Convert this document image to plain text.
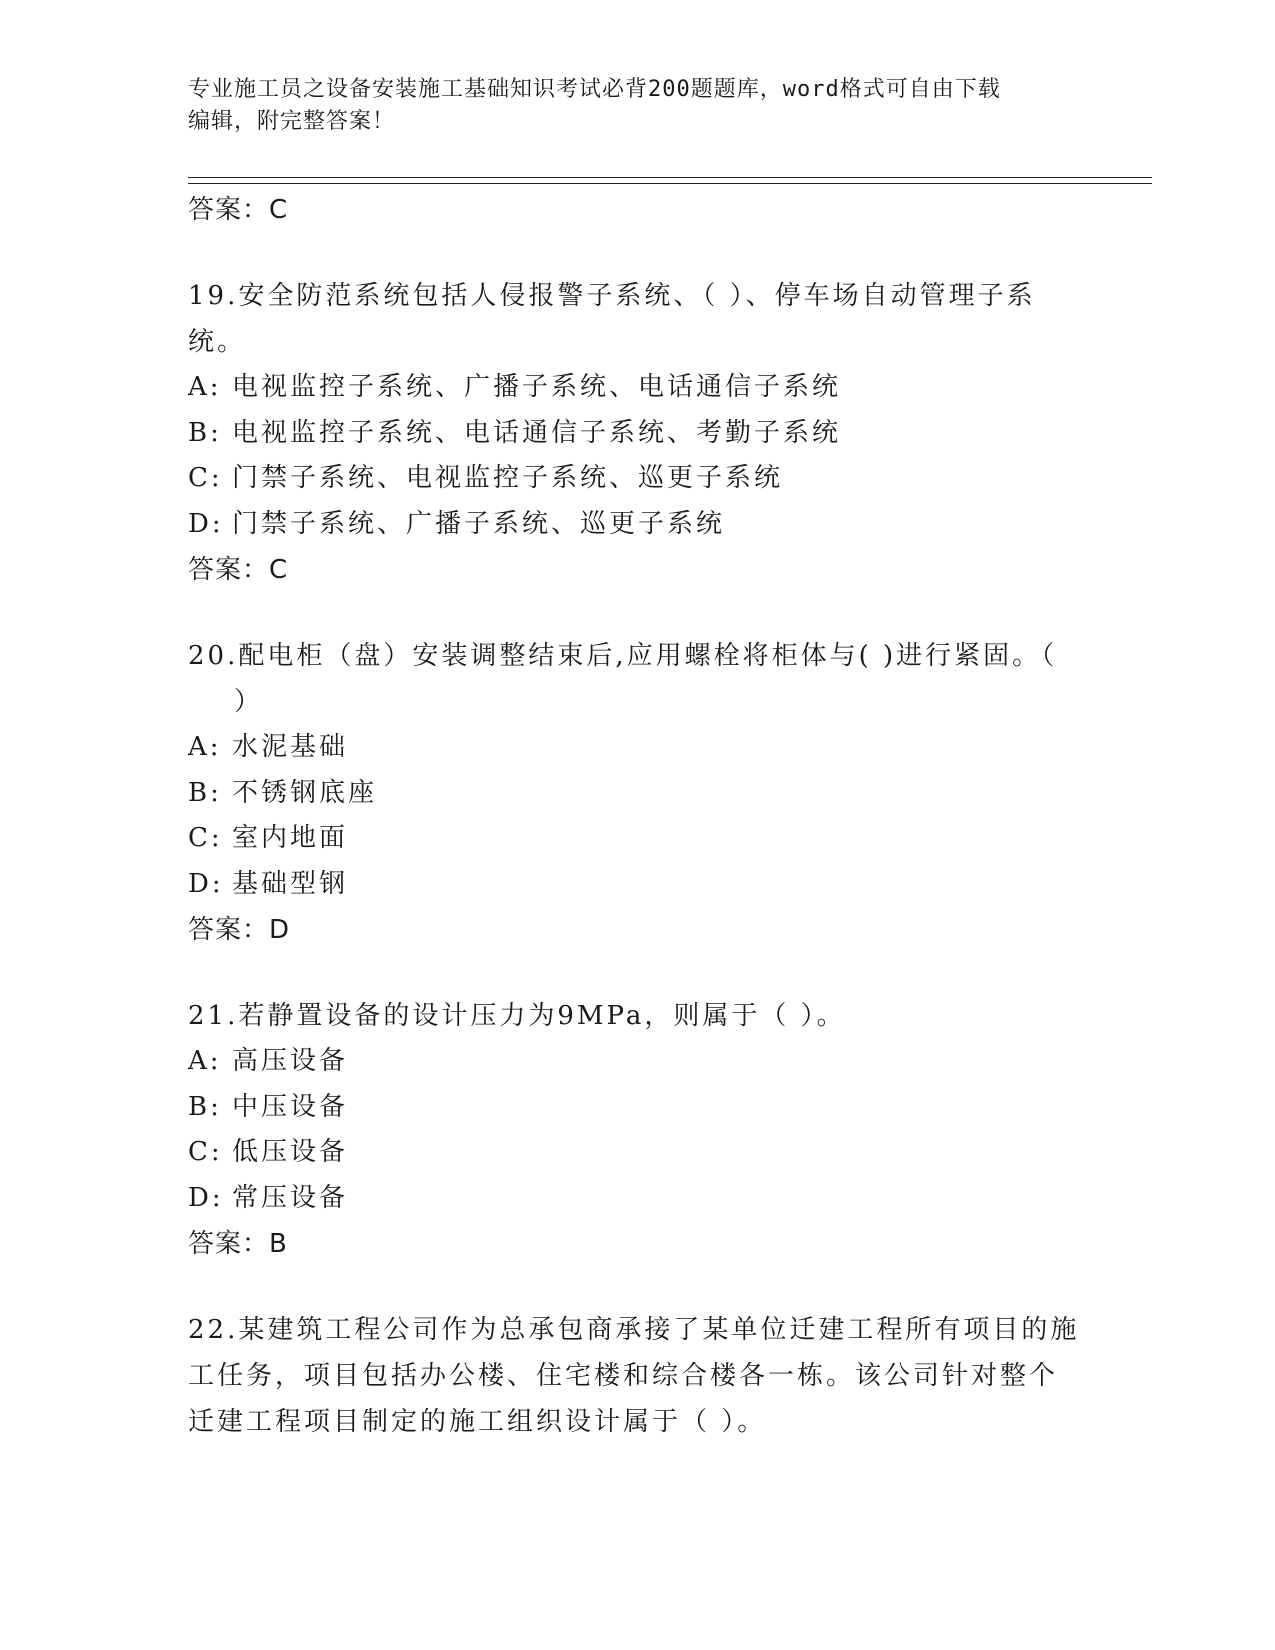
专业施工员之设备安装施工基础知识考试必背200题题库，word格式可自由下载
编辑，附完整答案！

答案：C

19.安全防范系统包括人侵报警子系统、（ ）、停车场自动管理子系
统。

A: 电视监控子系统、广播子系统、电话通信子系统

B: 电视监控子系统、电话通信子系统、考勤子系统

C: 门禁子系统、电视监控子系统、巡更子系统

D: 门禁子系统、广播子系统、巡更子系统

答案：C

20.配电柜（盘）安装调整结束后,应用螺栓将柜体与( )进行紧固。（
）

A: 水泥基础

B: 不锈钢底座

C: 室内地面

D: 基础型钢

答案：D

21.若静置设备的设计压力为9MPa，则属于（ ）。

A: 高压设备

B: 中压设备

C: 低压设备

D: 常压设备

答案：B

22.某建筑工程公司作为总承包商承接了某单位迁建工程所有项目的施
工任务，项目包括办公楼、住宅楼和综合楼各一栋。该公司针对整个
迁建工程项目制定的施工组织设计属于（ ）。
